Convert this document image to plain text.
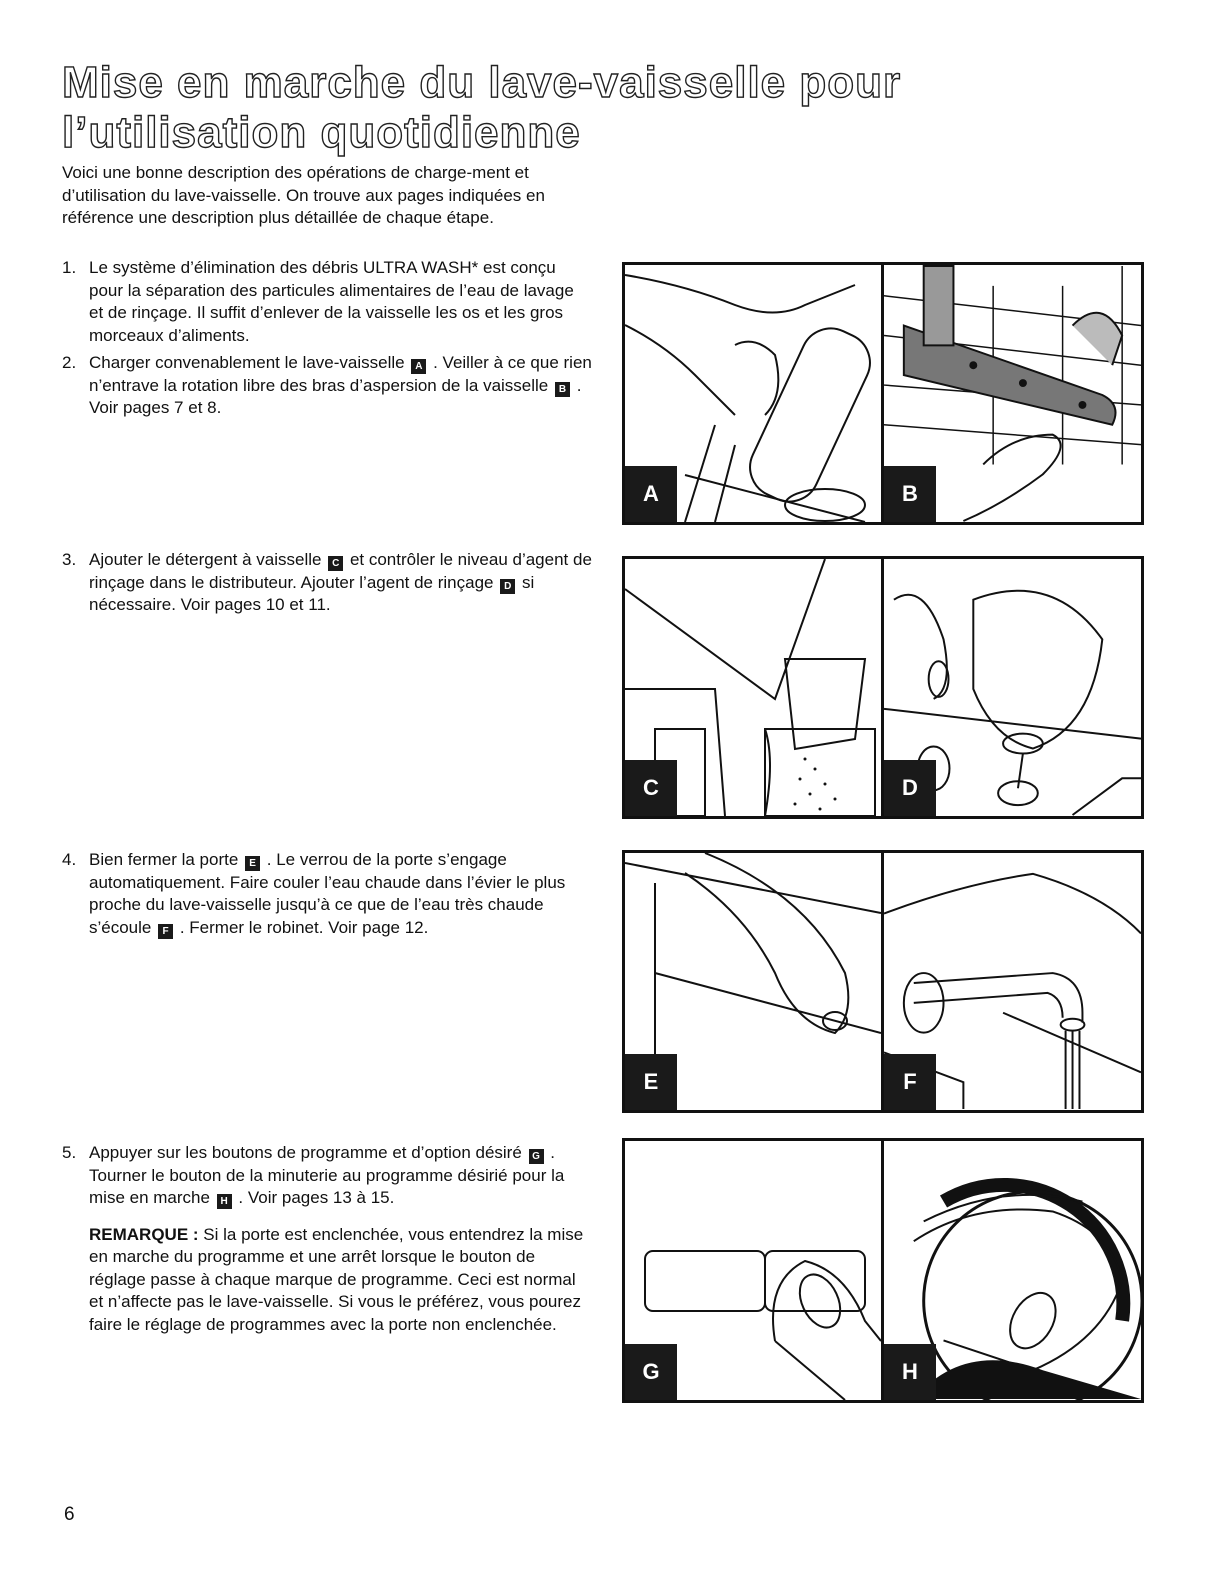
Mise en marche du lave-vaisselle pour
l’utilisation quotidienne

Voici une bonne description des opérations de charge-ment et d’utilisation du lave-vaisselle. On trouve aux pages indiquées en référence une description plus détaillée de chaque étape.

1. Le système d’élimination des débris ULTRA WASH* est conçu pour la séparation des particules alimentaires de l’eau de lavage et de rinçage. Il suffit d’enlever de la vaisselle les os et les gros morceaux d’aliments.

2. Charger convenablement le lave-vaisselle A . Veiller à ce que rien n’entrave la rotation libre des bras d’aspersion de la vaisselle B . Voir pages 7 et 8.

3. Ajouter le détergent à vaisselle C et contrôler le niveau d’agent de rinçage dans le distributeur. Ajouter l’agent de rinçage D si nécessaire. Voir pages 10 et 11.

4. Bien fermer la porte E . Le verrou de la porte s’engage automatiquement. Faire couler l’eau chaude dans l’évier le plus proche du lave-vaisselle jusqu’à ce que de l’eau très chaude s’écoule F . Fermer le robinet. Voir page 12.

5. Appuyer sur les boutons de programme et d’option désiré G . Tourner le bouton de la minuterie au programme désirié pour la mise en marche H . Voir pages 13 à 15.

REMARQUE : Si la porte est enclenchée, vous entendrez la mise en marche du programme et une arrêt lorsque le bouton de réglage passe à chaque marque de programme. Ceci est normal et n’affecte pas le lave-vaisselle. Si vous le préférez, vous pourez faire le réglage de programmes avec la porte non enclenchée.

A	B
C	D
E	F
G	H
6
